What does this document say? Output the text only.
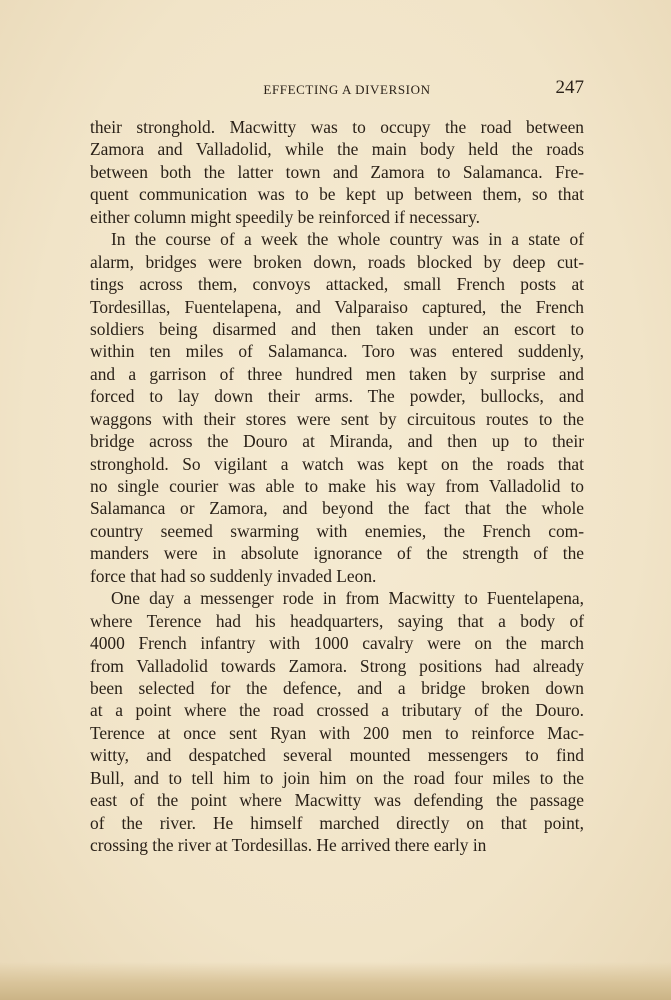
EFFECTING A DIVERSION	247
their stronghold. Macwitty was to occupy the road between
Zamora and Valladolid, while the main body held the roads
between both the latter town and Zamora to Salamanca. Fre-
quent communication was to be kept up between them, so that
either column might speedily be reinforced if necessary.
In the course of a week the whole country was in a state of
alarm, bridges were broken down, roads blocked by deep cut-
tings across them, convoys attacked, small French posts at
Tordesillas, Fuentelapena, and Valparaiso captured, the French
soldiers being disarmed and then taken under an escort to
within ten miles of Salamanca. Toro was entered suddenly,
and a garrison of three hundred men taken by surprise and
forced to lay down their arms. The powder, bullocks, and
waggons with their stores were sent by circuitous routes to the
bridge across the Douro at Miranda, and then up to their
stronghold. So vigilant a watch was kept on the roads that
no single courier was able to make his way from Valladolid to
Salamanca or Zamora, and beyond the fact that the whole
country seemed swarming with enemies, the French com-
manders were in absolute ignorance of the strength of the
force that had so suddenly invaded Leon.
One day a messenger rode in from Macwitty to Fuentelapena,
where Terence had his headquarters, saying that a body of
4000 French infantry with 1000 cavalry were on the march
from Valladolid towards Zamora. Strong positions had already
been selected for the defence, and a bridge broken down
at a point where the road crossed a tributary of the Douro.
Terence at once sent Ryan with 200 men to reinforce Mac-
witty, and despatched several mounted messengers to find
Bull, and to tell him to join him on the road four miles to the
east of the point where Macwitty was defending the passage
of the river. He himself marched directly on that point,
crossing the river at Tordesillas. He arrived there early in
